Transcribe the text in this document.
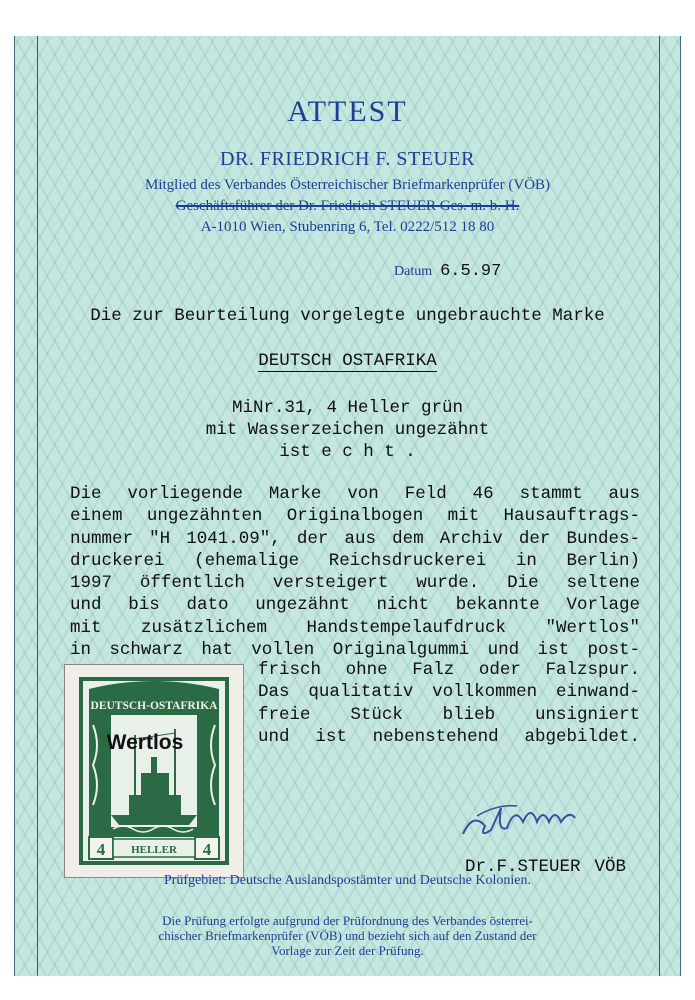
ATTEST
DR. FRIEDRICH F. STEUER
Mitglied des Verbandes Österreichischer Briefmarkenprüfer (VÖB)
Geschäftsführer der Dr. Friedrich STEUER Ges. m. b. H.
A-1010 Wien, Stubenring 6, Tel. 0222/512 18 80
Datum 6.5.97
Die zur Beurteilung vorgelegte ungebrauchte Marke
DEUTSCH OSTAFRIKA
MiNr.31, 4 Heller grün
mit Wasserzeichen ungezähnt
ist e c h t .
Die vorliegende Marke von Feld 46 stammt aus
einem ungezähnten Originalbogen mit Hausauftrags-
nummer "H 1041.09", der aus dem Archiv der Bundes-
druckerei (ehemalige Reichsdruckerei in Berlin)
1997 öffentlich versteigert wurde. Die seltene
und bis dato ungezähnt nicht bekannte Vorlage
mit zusätzlichem Handstempelaufdruck "Wertlos"
in schwarz hat vollen Originalgummi und ist post-
frisch ohne Falz oder Falzspur.
Das qualitativ vollkommen einwand-
freie Stück blieb unsigniert
und ist nebenstehend abgebildet.
DEUTSCH-OSTAFRIKA
4	4
HELLER
Wertlos
Dr.F.STEUER VÖB
Prüfgebiet: Deutsche Auslandspostämter und Deutsche Kolonien.
Die Prüfung erfolgte aufgrund der Prüfordnung des Verbandes österrei-
chischer Briefmarkenprüfer (VÖB) und bezieht sich auf den Zustand der
Vorlage zur Zeit der Prüfung.
